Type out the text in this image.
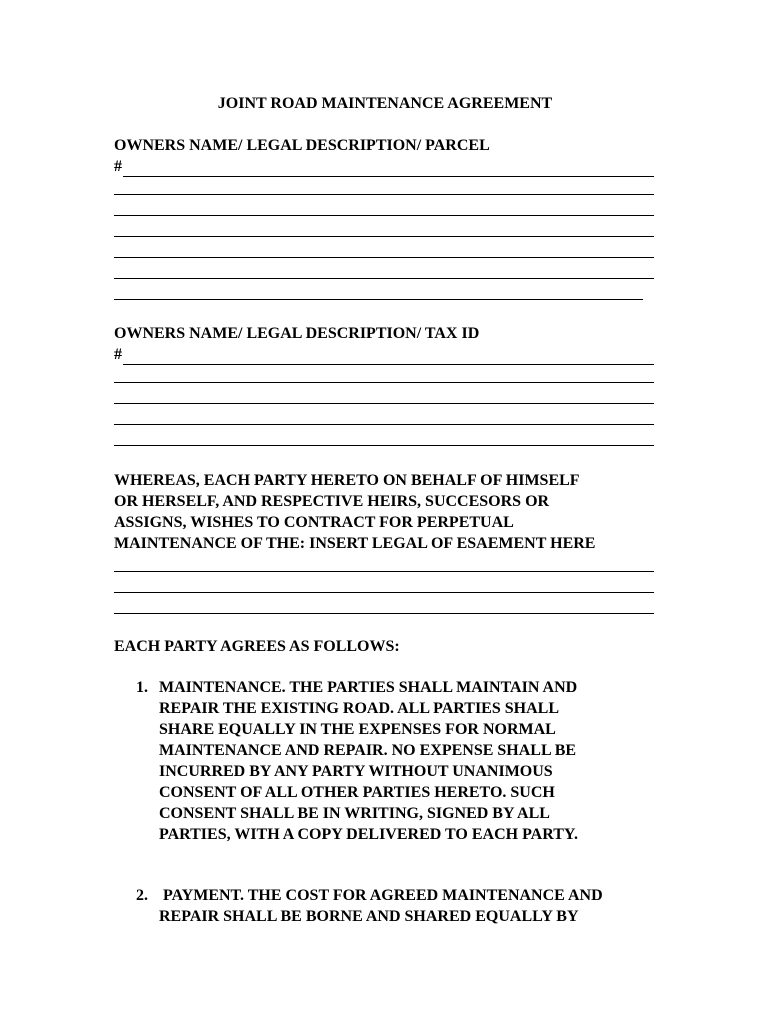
JOINT ROAD MAINTENANCE AGREEMENT
OWNERS NAME/ LEGAL DESCRIPTION/ PARCEL
#
OWNERS NAME/ LEGAL DESCRIPTION/ TAX ID
#

WHEREAS, EACH PARTY HERETO ON BEHALF OF HIMSELF

OR HERSELF, AND RESPECTIVE HEIRS, SUCCESORS OR

ASSIGNS, WISHES TO CONTRACT FOR PERPETUAL

MAINTENANCE OF THE: INSERT LEGAL OF ESAEMENT HERE

EACH PARTY AGREES AS FOLLOWS:
1. MAINTENANCE. THE PARTIES SHALL MAINTAIN AND

REPAIR THE EXISTING ROAD. ALL PARTIES SHALL

SHARE EQUALLY IN THE EXPENSES FOR NORMAL

MAINTENANCE AND REPAIR. NO EXPENSE SHALL BE

INCURRED BY ANY PARTY WITHOUT UNANIMOUS

CONSENT OF ALL OTHER PARTIES HERETO. SUCH

CONSENT SHALL BE IN WRITING, SIGNED BY ALL

PARTIES, WITH A COPY DELIVERED TO EACH PARTY.

2. PAYMENT. THE COST FOR AGREED MAINTENANCE AND

REPAIR SHALL BE BORNE AND SHARED EQUALLY BY
